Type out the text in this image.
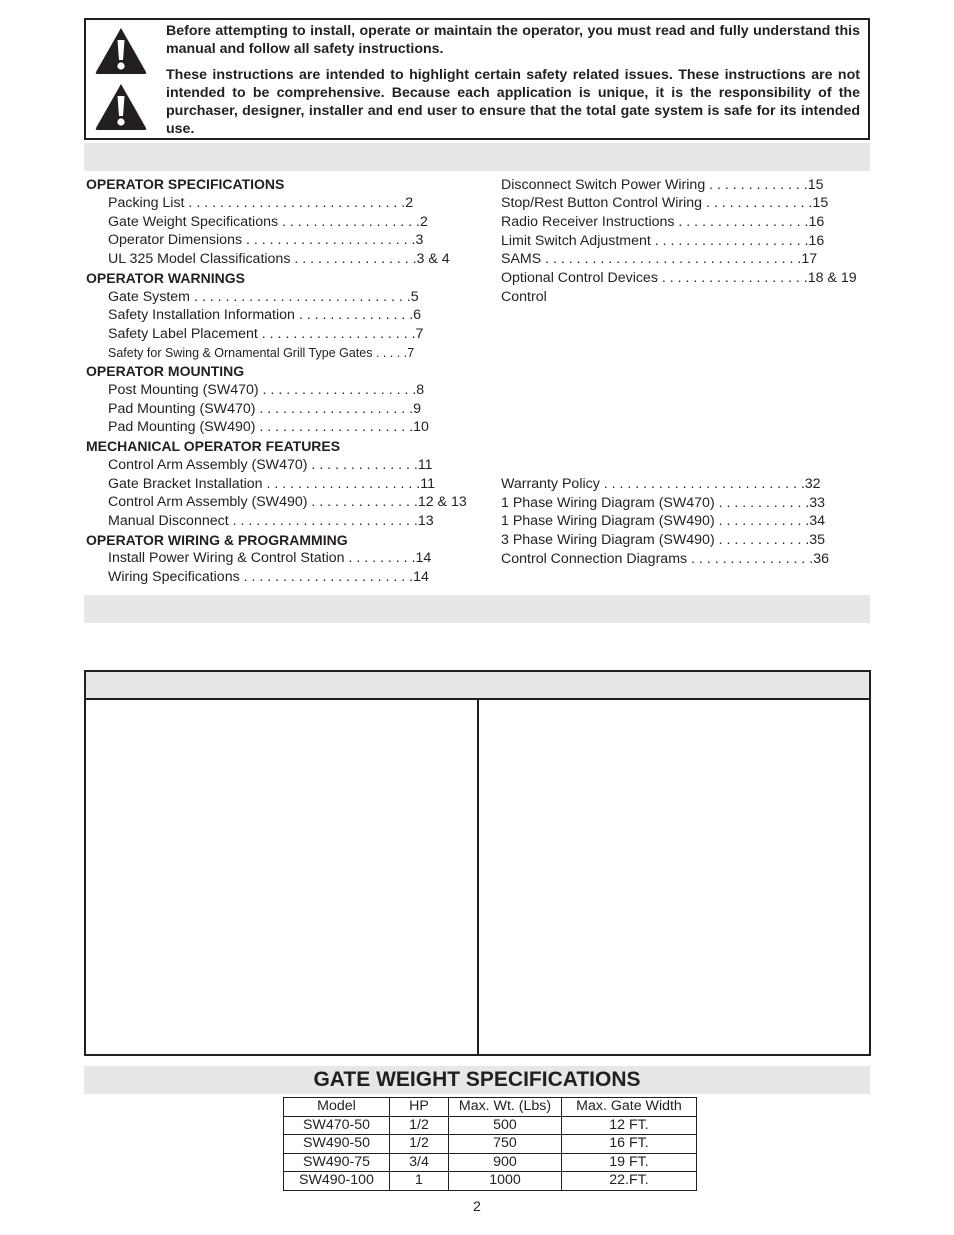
Before attempting to install, operate or maintain the operator, you must read and fully understand this manual and follow all safety instructions.

These instructions are intended to highlight certain safety related issues. These instructions are not intended to be comprehensive. Because each application is unique, it is the responsibility of the purchaser, designer, installer and end user to ensure that the total gate system is safe for its intended use.

OPERATOR SPECIFICATIONS
Packing List . . . . . . . . . . . . . . . . . . . . . . . . . . . .2
Gate Weight Specifications . . . . . . . . . . . . . . . . . .2
Operator Dimensions . . . . . . . . . . . . . . . . . . . . . .3
UL 325 Model Classifications . . . . . . . . . . . . . . . .3 & 4
OPERATOR WARNINGS
Gate System . . . . . . . . . . . . . . . . . . . . . . . . . . . .5
Safety Installation Information . . . . . . . . . . . . . . .6
Safety Label Placement . . . . . . . . . . . . . . . . . . . .7
Safety for Swing & Ornamental Grill Type Gates . . . . .7
OPERATOR MOUNTING
Post Mounting (SW470) . . . . . . . . . . . . . . . . . . . .8
Pad Mounting (SW470) . . . . . . . . . . . . . . . . . . . .9
Pad Mounting (SW490) . . . . . . . . . . . . . . . . . . . .10
MECHANICAL OPERATOR FEATURES
Control Arm Assembly (SW470) . . . . . . . . . . . . . .11
Gate Bracket Installation . . . . . . . . . . . . . . . . . . . .11
Control Arm Assembly (SW490) . . . . . . . . . . . . . .12 & 13
Manual Disconnect . . . . . . . . . . . . . . . . . . . . . . . .13
OPERATOR WIRING & PROGRAMMING
Install Power Wiring & Control Station . . . . . . . . .14
Wiring Specifications . . . . . . . . . . . . . . . . . . . . . .14
Disconnect Switch Power Wiring . . . . . . . . . . . . .15
Stop/Rest Button Control Wiring . . . . . . . . . . . . . .15
Radio Receiver Instructions . . . . . . . . . . . . . . . . .16
Limit Switch Adjustment . . . . . . . . . . . . . . . . . . . .16
SAMS . . . . . . . . . . . . . . . . . . . . . . . . . . . . . . . . .17
Optional Control Devices . . . . . . . . . . . . . . . . . . .18 & 19
Control
Warranty Policy . . . . . . . . . . . . . . . . . . . . . . . . . .32
1 Phase Wiring Diagram (SW470) . . . . . . . . . . . .33
1 Phase Wiring Diagram (SW490) . . . . . . . . . . . .34
3 Phase Wiring Diagram (SW490) . . . . . . . . . . . .35
Control Connection Diagrams . . . . . . . . . . . . . . . .36
GATE WEIGHT SPECIFICATIONS
Model	HP	Max. Wt. (Lbs)	Max. Gate Width
SW470-50	1/2	500	12 FT.
SW490-50	1/2	750	16 FT.
SW490-75	3/4	900	19 FT.
SW490-100	1	1000	22.FT.
2
